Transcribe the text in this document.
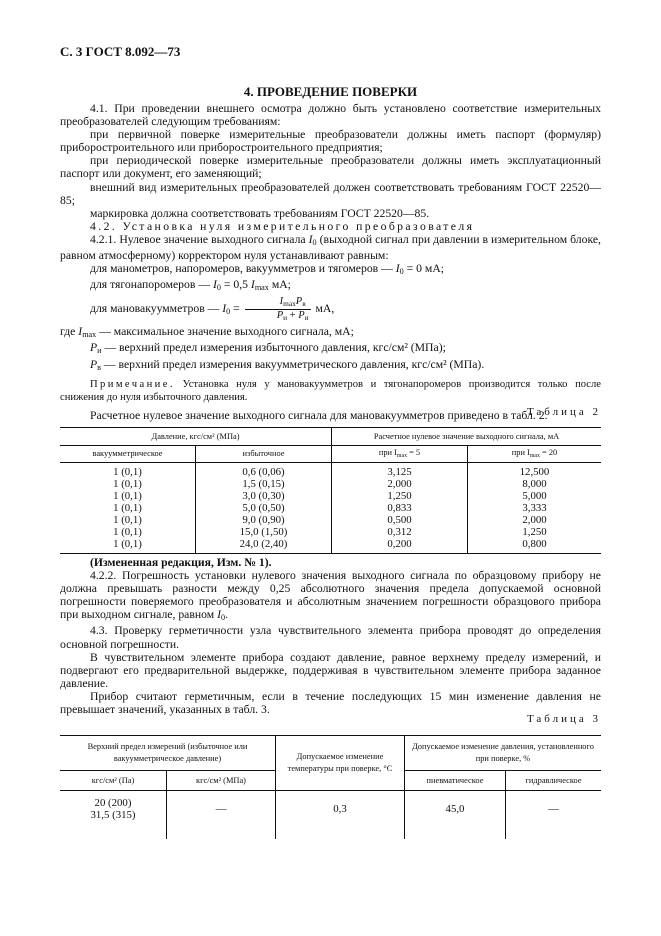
С. 3 ГОСТ 8.092—73
4. ПРОВЕДЕНИЕ ПОВЕРКИ

4.1. При проведении внешнего осмотра должно быть установлено соответствие измерительных преобразователей следующим требованиям:

при первичной поверке измерительные преобразователи должны иметь паспорт (формуляр) приборостроительного или приборостроительного предприятия;

при периодической поверке измерительные преобразователи должны иметь эксплуатационный паспорт или документ, его заменяющий;

внешний вид измерительных преобразователей должен соответствовать требованиям ГОСТ 22520—85;

маркировка должна соответствовать требованиям ГОСТ 22520—85.

4.2. Установка нуля измерительного преобразователя

4.2.1. Нулевое значение выходного сигнала $I_0$ (выходной сигнал при давлении в измерительном блоке, равном атмосферному) корректором нуля устанавливают равным:

для манометров, напоромеров, вакуумметров и тягомеров — $I_0 = 0$ мА;

для тягонапоромеров — $I_0 = 0,5$ $I_{max}$ мА;

для мановакуумметров — $I_0 = \frac{I_{max}P_в}{P_и + P_и}$ мА,

где $I_{max}$ — максимальное значение выходного сигнала, мА;

$P_и$ — верхний предел измерения избыточного давления, кгс/см² (МПа);

$P_в$ — верхний предел измерения вакуумметрического давления, кгс/см² (МПа).

Примечание. Установка нуля у мановакуумметров и тягонапоромеров производится только после снижения до нуля избыточного давления.

Расчетное нулевое значение выходного сигнала для мановакуумметров приведено в табл. 2.

Таблица 2
Давление, кгс/см² (МПа)		Расчетное нулевое значение выходного сигнала, мА	
вакуумметрическое	избыточное	при $I_{max} = 5$	при $I_{max} = 20$
1 (0,1)	0,6 (0,06)	3,125	12,500
1 (0,1)	1,5 (0,15)	2,000	8,000
1 (0,1)	3,0 (0,30)	1,250	5,000
1 (0,1)	5,0 (0,50)	0,833	3,333
1 (0,1)	9,0 (0,90)	0,500	2,000
1 (0,1)	15,0 (1,50)	0,312	1,250
1 (0,1)	24,0 (2,40)	0,200	0,800

(Измененная редакция, Изм. № 1).

4.2.2. Погрешность установки нулевого значения выходного сигнала по образцовому прибору не должна превышать разности между 0,25 абсолютного значения предела допускаемой основной погрешности поверяемого преобразователя и абсолютным значением погрешности образцового прибора при выходном сигнале, равном $I_0$.

4.3. Проверку герметичности узла чувствительного элемента прибора проводят до определения основной погрешности.

В чувствительном элементе прибора создают давление, равное верхнему пределу измерений, и подвергают его предварительной выдержке, поддерживая в чувствительном элементе прибора заданное давление.

Прибор считают герметичным, если в течение последующих 15 мин изменение давления не превышает значений, указанных в табл. 3.

Таблица 3
Верхний предел измерений (избыточное или вакуумметрическое давление)		Допускаемое изменение температуры при поверке, °С	Допускаемое изменение давления, установленного при поверке, %	
кгс/см² (Па)	кгс/см² (МПа)		пневматическое	гидравлическое

20 (200)
31,5 (315)	—	0,3	45,0	—
